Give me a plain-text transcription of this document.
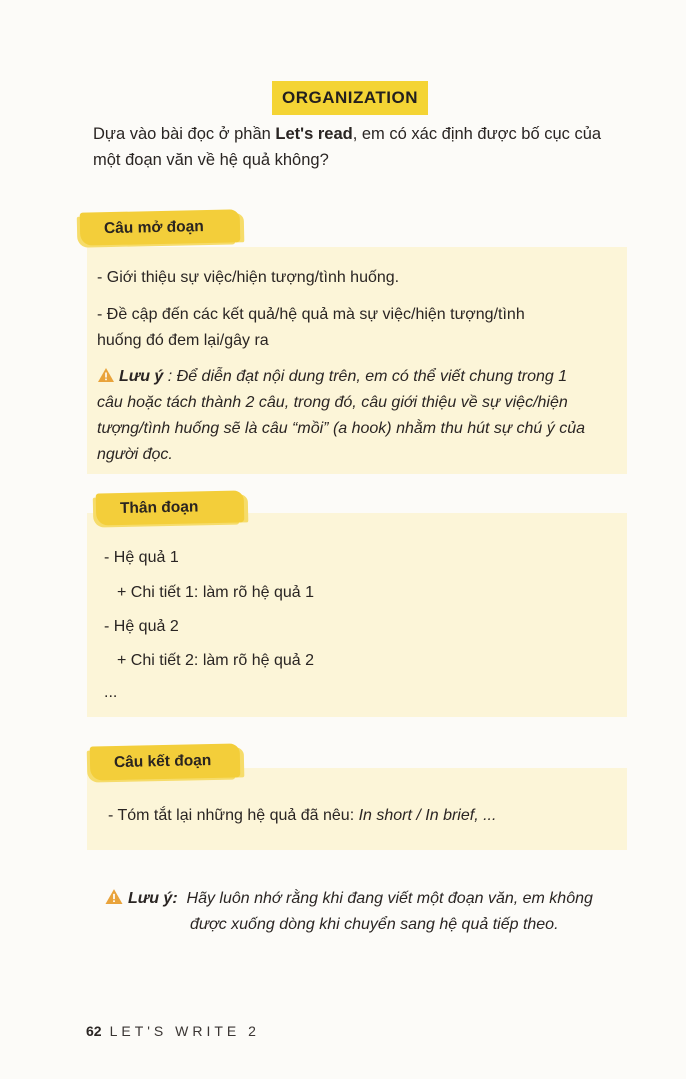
ORGANIZATION
Dựa vào bài đọc ở phần Let's read, em có xác định được bố cục của
một đoạn văn về hệ quả không?
Câu mở đoạn
- Giới thiệu sự việc/hiện tượng/tình huống.
- Đề cập đến các kết quả/hệ quả mà sự việc/hiện tượng/tình
huống đó đem lại/gây ra
Lưu ý : Để diễn đạt nội dung trên, em có thể viết chung trong 1
câu hoặc tách thành 2 câu, trong đó, câu giới thiệu về sự việc/hiện
tượng/tình huống sẽ là câu “mồi” (a hook) nhằm thu hút sự chú ý của
người đọc.
Thân đoạn
- Hệ quả 1
+ Chi tiết 1: làm rõ hệ quả 1
- Hệ quả 2
+ Chi tiết 2: làm rõ hệ quả 2
...
Câu kết đoạn
- Tóm tắt lại những hệ quả đã nêu: In short / In brief, ...
Lưu ý: Hãy luôn nhớ rằng khi đang viết một đoạn văn, em không
được xuống dòng khi chuyển sang hệ quả tiếp theo.
62 LET'S WRITE 2
